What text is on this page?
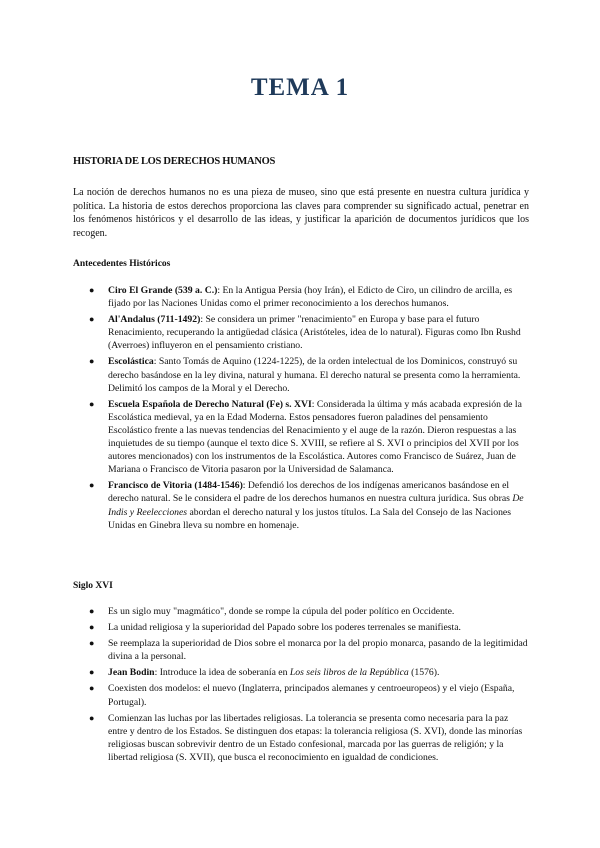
TEMA 1
HISTORIA DE LOS DERECHOS HUMANOS

La noción de derechos humanos no es una pieza de museo, sino que está presente en nuestra cultura jurídica y política. La historia de estos derechos proporciona las claves para comprender su significado actual, penetrar en los fenómenos históricos y el desarrollo de las ideas, y justificar la aparición de documentos jurídicos que los recogen.

Antecedentes Históricos
● Ciro El Grande (539 a. C.): En la Antigua Persia (hoy Irán), el Edicto de Ciro, un cilindro de arcilla, es fijado por las Naciones Unidas como el primer reconocimiento a los derechos humanos.
● Al'Andalus (711-1492): Se considera un primer "renacimiento" en Europa y base para el futuro Renacimiento, recuperando la antigüedad clásica (Aristóteles, idea de lo natural). Figuras como Ibn Rushd (Averroes) influyeron en el pensamiento cristiano.
● Escolástica: Santo Tomás de Aquino (1224-1225), de la orden intelectual de los Dominicos, construyó su derecho basándose en la ley divina, natural y humana. El derecho natural se presenta como la herramienta. Delimitó los campos de la Moral y el Derecho.
● Escuela Española de Derecho Natural (Fe) s. XVI: Considerada la última y más acabada expresión de la Escolástica medieval, ya en la Edad Moderna. Estos pensadores fueron paladines del pensamiento Escolástico frente a las nuevas tendencias del Renacimiento y el auge de la razón. Dieron respuestas a las inquietudes de su tiempo (aunque el texto dice S. XVIII, se refiere al S. XVI o principios del XVII por los autores mencionados) con los instrumentos de la Escolástica. Autores como Francisco de Suárez, Juan de Mariana o Francisco de Vitoria pasaron por la Universidad de Salamanca.
● Francisco de Vitoria (1484-1546): Defendió los derechos de los indígenas americanos basándose en el derecho natural. Se le considera el padre de los derechos humanos en nuestra cultura jurídica. Sus obras De Indis y Reelecciones abordan el derecho natural y los justos títulos. La Sala del Consejo de las Naciones Unidas en Ginebra lleva su nombre en homenaje.
Siglo XVI
● Es un siglo muy "magmático", donde se rompe la cúpula del poder político en Occidente.
● La unidad religiosa y la superioridad del Papado sobre los poderes terrenales se manifiesta.
● Se reemplaza la superioridad de Dios sobre el monarca por la del propio monarca, pasando de la legitimidad divina a la personal.
● Jean Bodin: Introduce la idea de soberanía en Los seis libros de la República (1576).
● Coexisten dos modelos: el nuevo (Inglaterra, principados alemanes y centroeuropeos) y el viejo (España, Portugal).
● Comienzan las luchas por las libertades religiosas. La tolerancia se presenta como necesaria para la paz entre y dentro de los Estados. Se distinguen dos etapas: la tolerancia religiosa (S. XVI), donde las minorías religiosas buscan sobrevivir dentro de un Estado confesional, marcada por las guerras de religión; y la libertad religiosa (S. XVII), que busca el reconocimiento en igualdad de condiciones.
